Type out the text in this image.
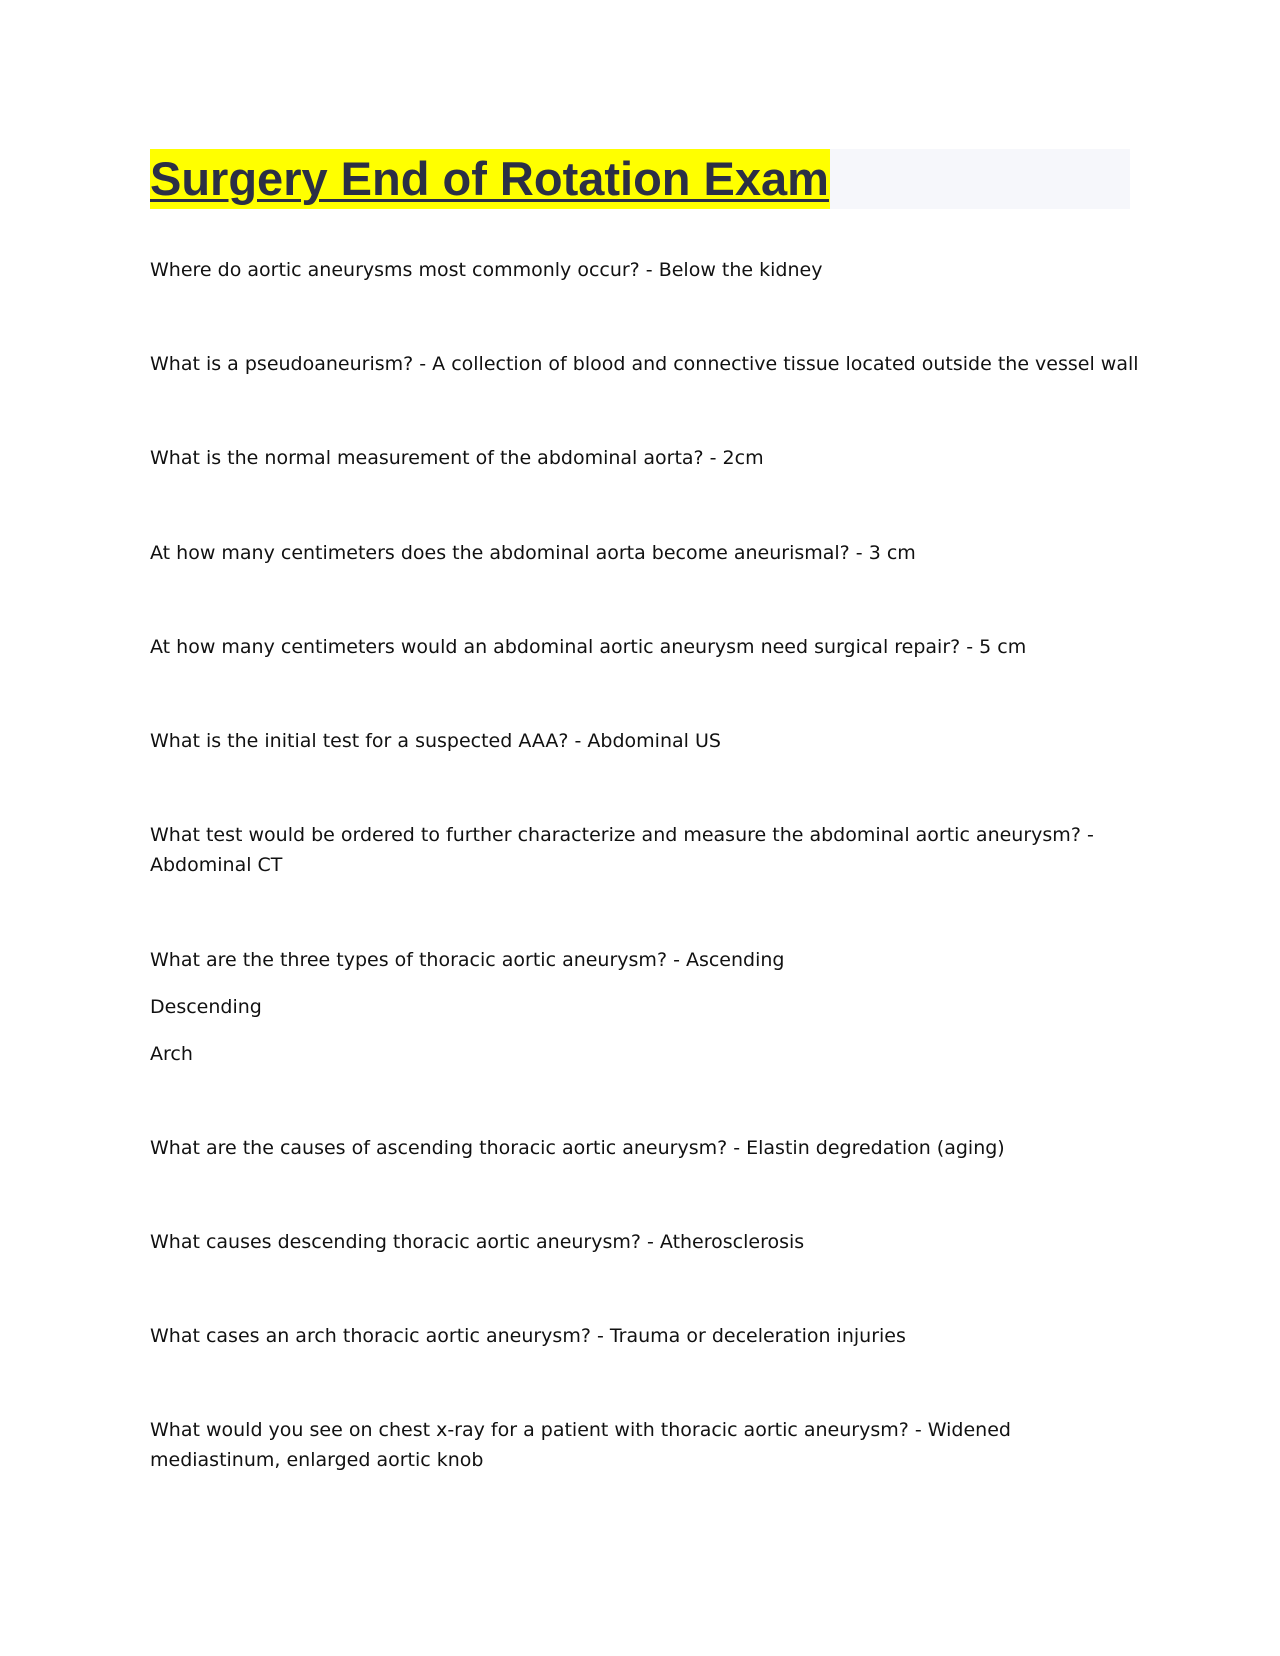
Surgery End of Rotation Exam

Where do aortic aneurysms most commonly occur? - Below the kidney

What is a pseudoaneurism? - A collection of blood and connective tissue located outside the vessel wall

What is the normal measurement of the abdominal aorta? - 2cm

At how many centimeters does the abdominal aorta become aneurismal? - 3 cm

At how many centimeters would an abdominal aortic aneurysm need surgical repair? - 5 cm

What is the initial test for a suspected AAA? - Abdominal US

What test would be ordered to further characterize and measure the abdominal aortic aneurysm? - Abdominal CT

What are the three types of thoracic aortic aneurysm? - Ascending

Descending

Arch

What are the causes of ascending thoracic aortic aneurysm? - Elastin degredation (aging)

What causes descending thoracic aortic aneurysm? - Atherosclerosis

What cases an arch thoracic aortic aneurysm? - Trauma or deceleration injuries

What would you see on chest x-ray for a patient with thoracic aortic aneurysm? - Widened mediastinum, enlarged aortic knob
